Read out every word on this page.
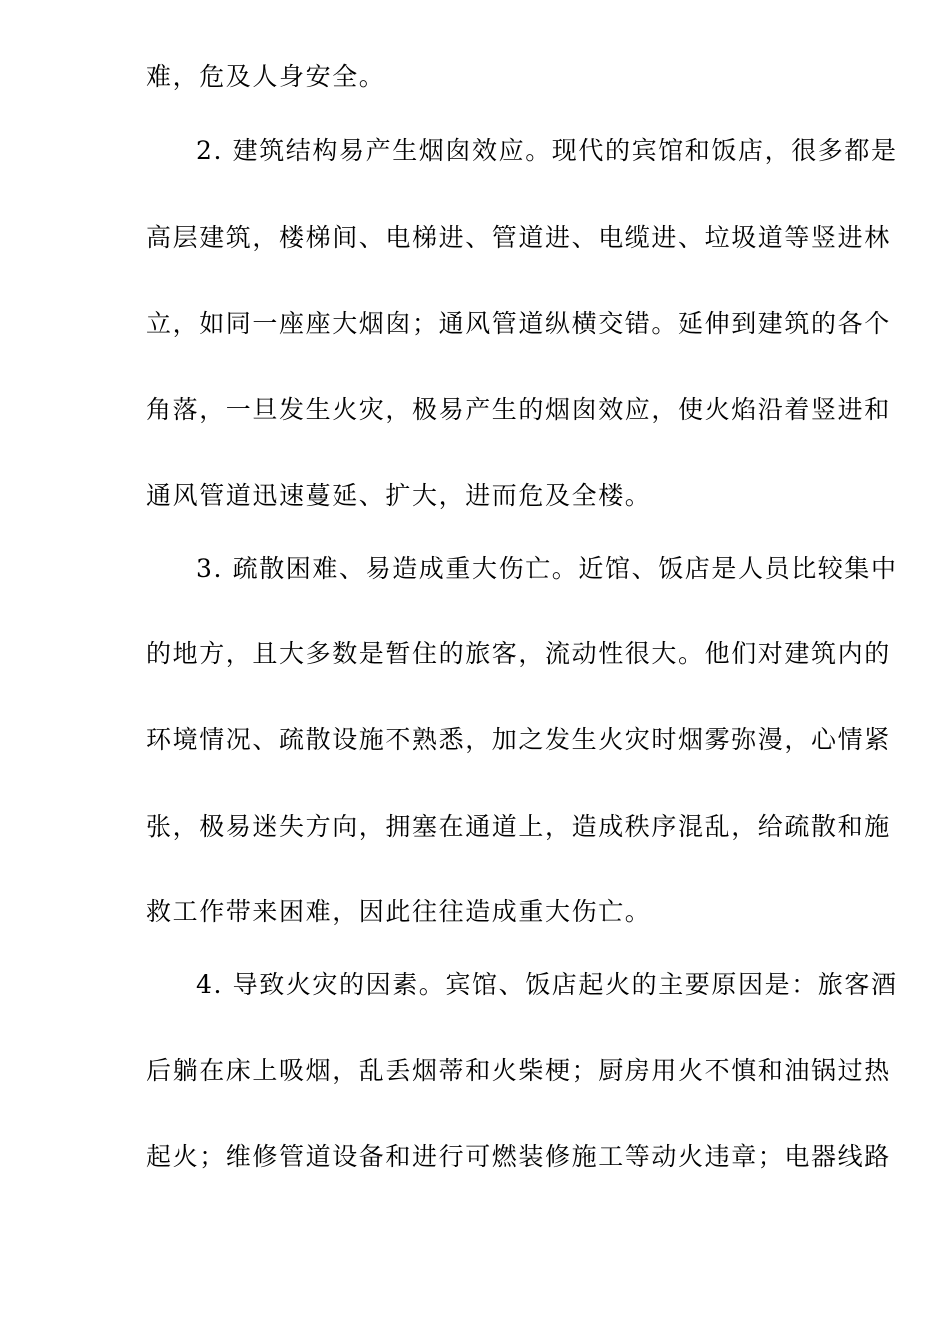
难，危及人身安全。
2. 建筑结构易产生烟囱效应。现代的宾馆和饭店，很多都是
高层建筑，楼梯间、电梯进、管道进、电缆进、垃圾道等竖进林
立，如同一座座大烟囱；通风管道纵横交错。延伸到建筑的各个
角落，一旦发生火灾，极易产生的烟囱效应，使火焰沿着竖进和
通风管道迅速蔓延、扩大，进而危及全楼。
3. 疏散困难、易造成重大伤亡。近馆、饭店是人员比较集中
的地方，且大多数是暂住的旅客，流动性很大。他们对建筑内的
环境情况、疏散设施不熟悉，加之发生火灾时烟雾弥漫，心情紧
张，极易迷失方向，拥塞在通道上，造成秩序混乱，给疏散和施
救工作带来困难，因此往往造成重大伤亡。
4. 导致火灾的因素。宾馆、饭店起火的主要原因是：旅客酒
后躺在床上吸烟，乱丢烟蒂和火柴梗；厨房用火不慎和油锅过热
起火；维修管道设备和进行可燃装修施工等动火违章；电器线路
